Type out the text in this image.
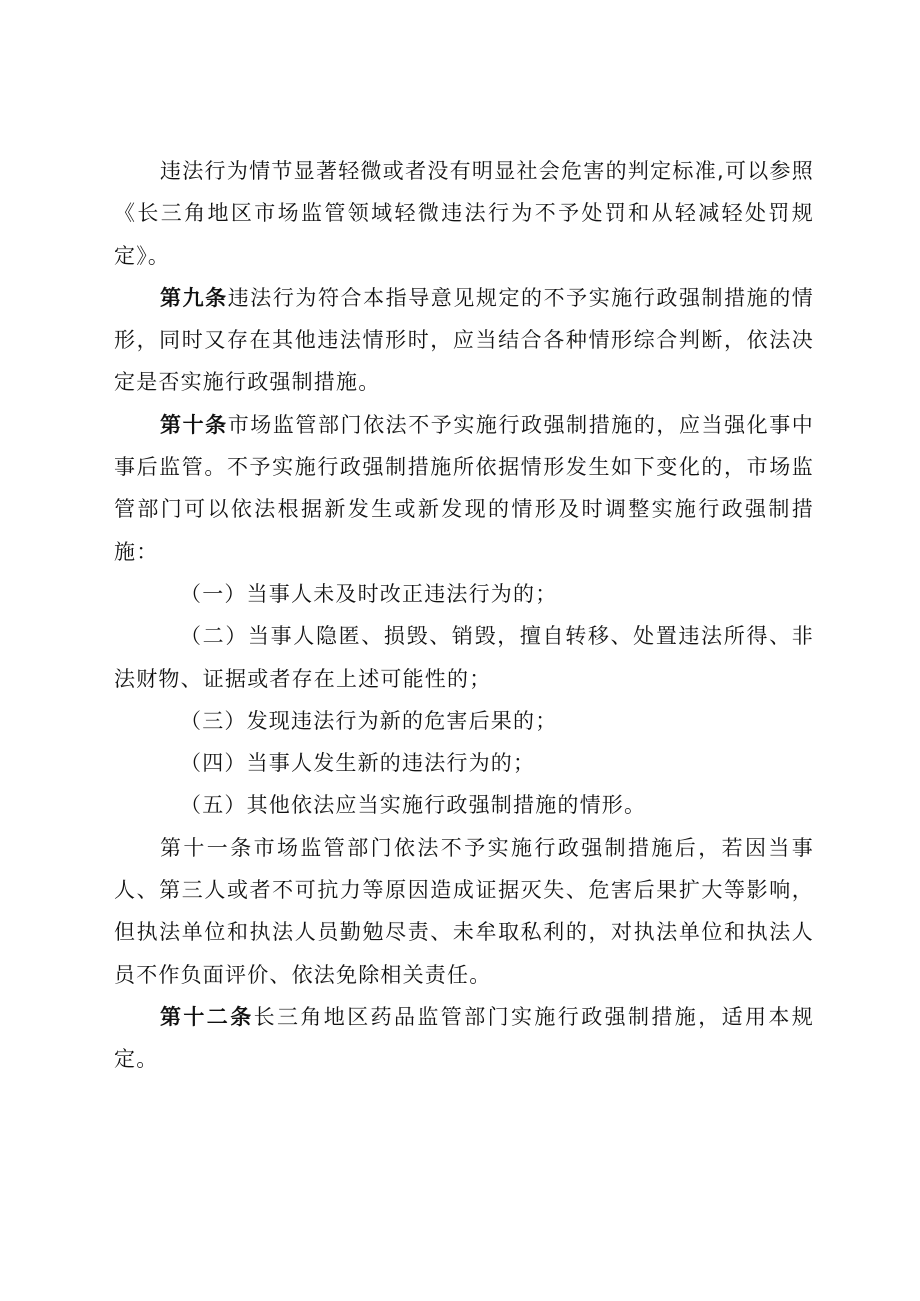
违法行为情节显著轻微或者没有明显社会危害的判定标准,可以参照《长三角地区市场监管领域轻微违法行为不予处罚和从轻减轻处罚规定》。

第九条违法行为符合本指导意见规定的不予实施行政强制措施的情形，同时又存在其他违法情形时，应当结合各种情形综合判断，依法决定是否实施行政强制措施。

第十条市场监管部门依法不予实施行政强制措施的，应当强化事中事后监管。不予实施行政强制措施所依据情形发生如下变化的，市场监管部门可以依法根据新发生或新发现的情形及时调整实施行政强制措施：

（一）当事人未及时改正违法行为的；

（二）当事人隐匿、损毁、销毁，擅自转移、处置违法所得、非法财物、证据或者存在上述可能性的；

（三）发现违法行为新的危害后果的；

（四）当事人发生新的违法行为的；

（五）其他依法应当实施行政强制措施的情形。

第十一条市场监管部门依法不予实施行政强制措施后，若因当事人、第三人或者不可抗力等原因造成证据灭失、危害后果扩大等影响，但执法单位和执法人员勤勉尽责、未牟取私利的，对执法单位和执法人员不作负面评价、依法免除相关责任。

第十二条长三角地区药品监管部门实施行政强制措施，适用本规定。
